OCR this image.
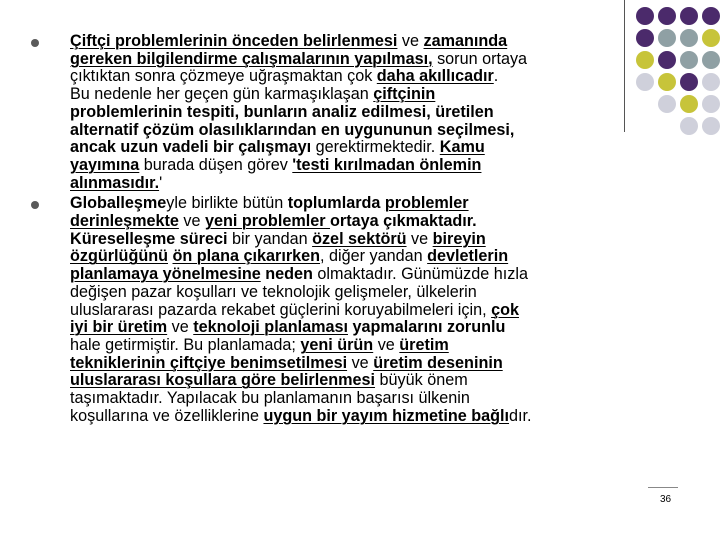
Çiftçi problemlerinin önceden belirlenmesi ve zamanında
gereken bilgilendirme çalışmalarının yapılması, sorun ortaya
çıktıktan sonra çözmeye uğraşmaktan çok daha akıllıcadır.
Bu nedenle her geçen gün karmaşıklaşan çiftçinin
problemlerinin tespiti, bunların analiz edilmesi, üretilen
alternatif çözüm olasılıklarından en uygununun seçilmesi,
ancak uzun vadeli bir çalışmayı gerektirmektedir. Kamu
yayımına burada düşen görev 'testi kırılmadan önlemin
alınmasıdır.'
Globalleşmeyle birlikte bütün toplumlarda problemler
derinleşmekte ve yeni problemler ortaya çıkmaktadır.
Küreselleşme süreci bir yandan özel sektörü ve bireyin
özgürlüğünü ön plana çıkarırken, diğer yandan devletlerin
planlamaya yönelmesine neden olmaktadır. Günümüzde hızla
değişen pazar koşulları ve teknolojik gelişmeler, ülkelerin
uluslararası pazarda rekabet güçlerini koruyabilmeleri için, çok
iyi bir üretim ve teknoloji planlaması yapmalarını zorunlu
hale getirmiştir. Bu planlamada; yeni ürün ve üretim
tekniklerinin çiftçiye benimsetilmesi ve üretim deseninin
uluslararası koşullara göre belirlenmesi büyük önem
taşımaktadır. Yapılacak bu planlamanın başarısı ülkenin
koşullarına ve özelliklerine uygun bir yayım hizmetine bağlıdır.
36
